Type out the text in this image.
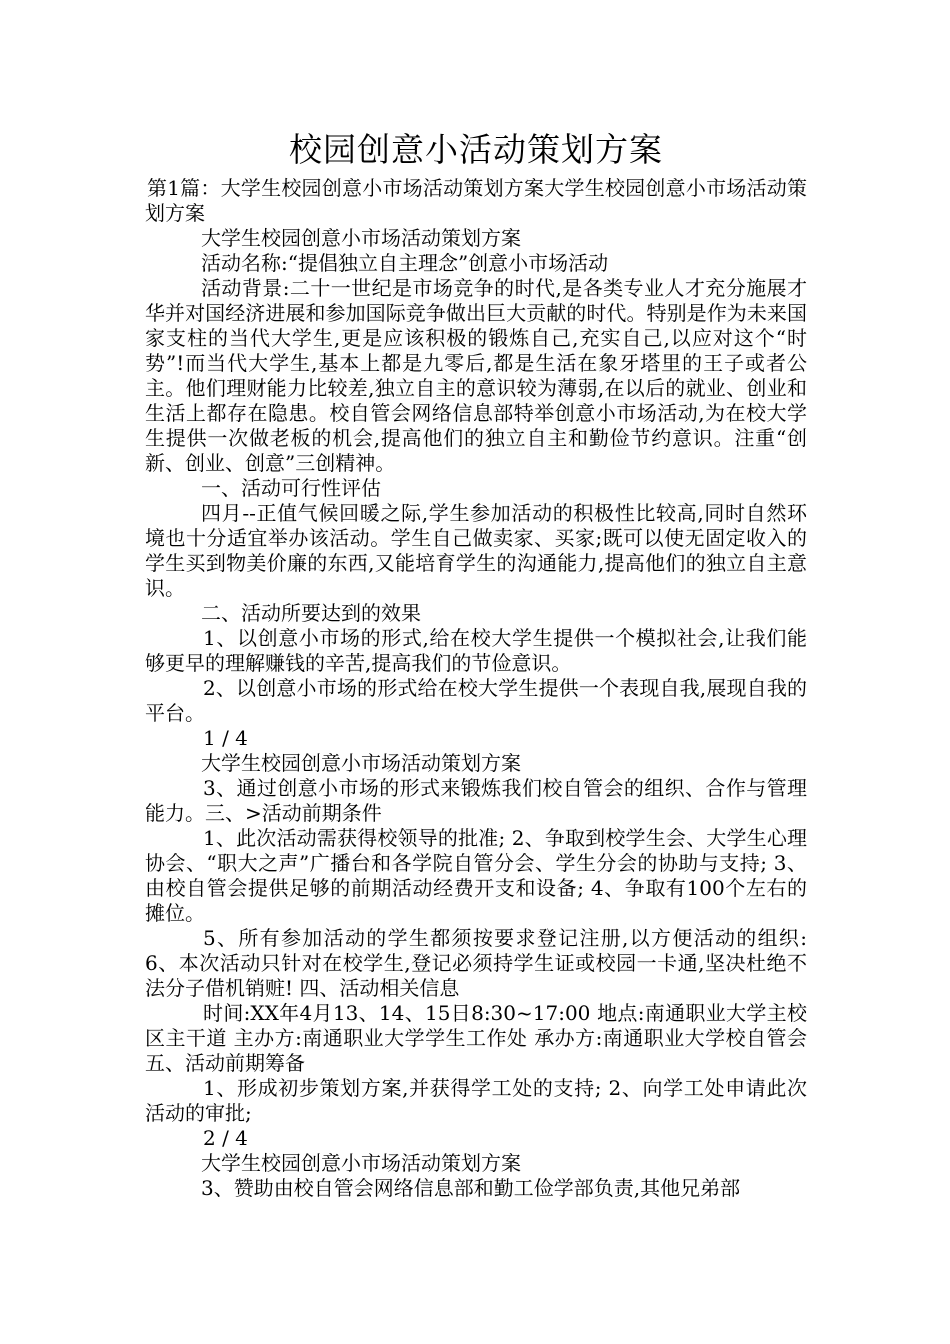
校园创意小活动策划方案

第1篇：大学生校园创意小市场活动策划方案大学生校园创意小市场活动策划方案

大学生校园创意小市场活动策划方案

活动名称:“提倡独立自主理念”创意小市场活动

活动背景:二十一世纪是市场竞争的时代,是各类专业人才充分施展才华并对国经济进展和参加国际竞争做出巨大贡献的时代。特别是作为未来国家支柱的当代大学生,更是应该积极的锻炼自己,充实自己,以应对这个“时势”!而当代大学生,基本上都是九零后,都是生活在象牙塔里的王子或者公主。他们理财能力比较差,独立自主的意识较为薄弱,在以后的就业、创业和生活上都存在隐患。校自管会网络信息部特举创意小市场活动,为在校大学生提供一次做老板的机会,提高他们的独立自主和勤俭节约意识。注重“创新、创业、创意”三创精神。

一、活动可行性评估

四月--正值气候回暖之际,学生参加活动的积极性比较高,同时自然环境也十分适宜举办该活动。学生自己做卖家、买家;既可以使无固定收入的学生买到物美价廉的东西,又能培育学生的沟通能力,提高他们的独立自主意识。

二、活动所要达到的效果

1、以创意小市场的形式,给在校大学生提供一个模拟社会,让我们能够更早的理解赚钱的辛苦,提高我们的节俭意识。

2、以创意小市场的形式给在校大学生提供一个表现自我,展现自我的平台。

1 / 4

大学生校园创意小市场活动策划方案

3、通过创意小市场的形式来锻炼我们校自管会的组织、合作与管理能力。三、>活动前期条件

1、此次活动需获得校领导的批准; 2、争取到校学生会、大学生心理协会、“职大之声”广播台和各学院自管分会、学生分会的协助与支持; 3、由校自管会提供足够的前期活动经费开支和设备; 4、争取有100个左右的摊位。

5、所有参加活动的学生都须按要求登记注册,以方便活动的组织: 6、本次活动只针对在校学生,登记必须持学生证或校园一卡通,坚决杜绝不法分子借机销赃! 四、活动相关信息

时间:XX年4月13、14、15日8:30~17:00 地点:南通职业大学主校区主干道 主办方:南通职业大学学生工作处 承办方:南通职业大学校自管会 五、活动前期筹备

1、形成初步策划方案,并获得学工处的支持; 2、向学工处申请此次活动的审批;

2 / 4

大学生校园创意小市场活动策划方案

3、赞助由校自管会网络信息部和勤工俭学部负责,其他兄弟部
